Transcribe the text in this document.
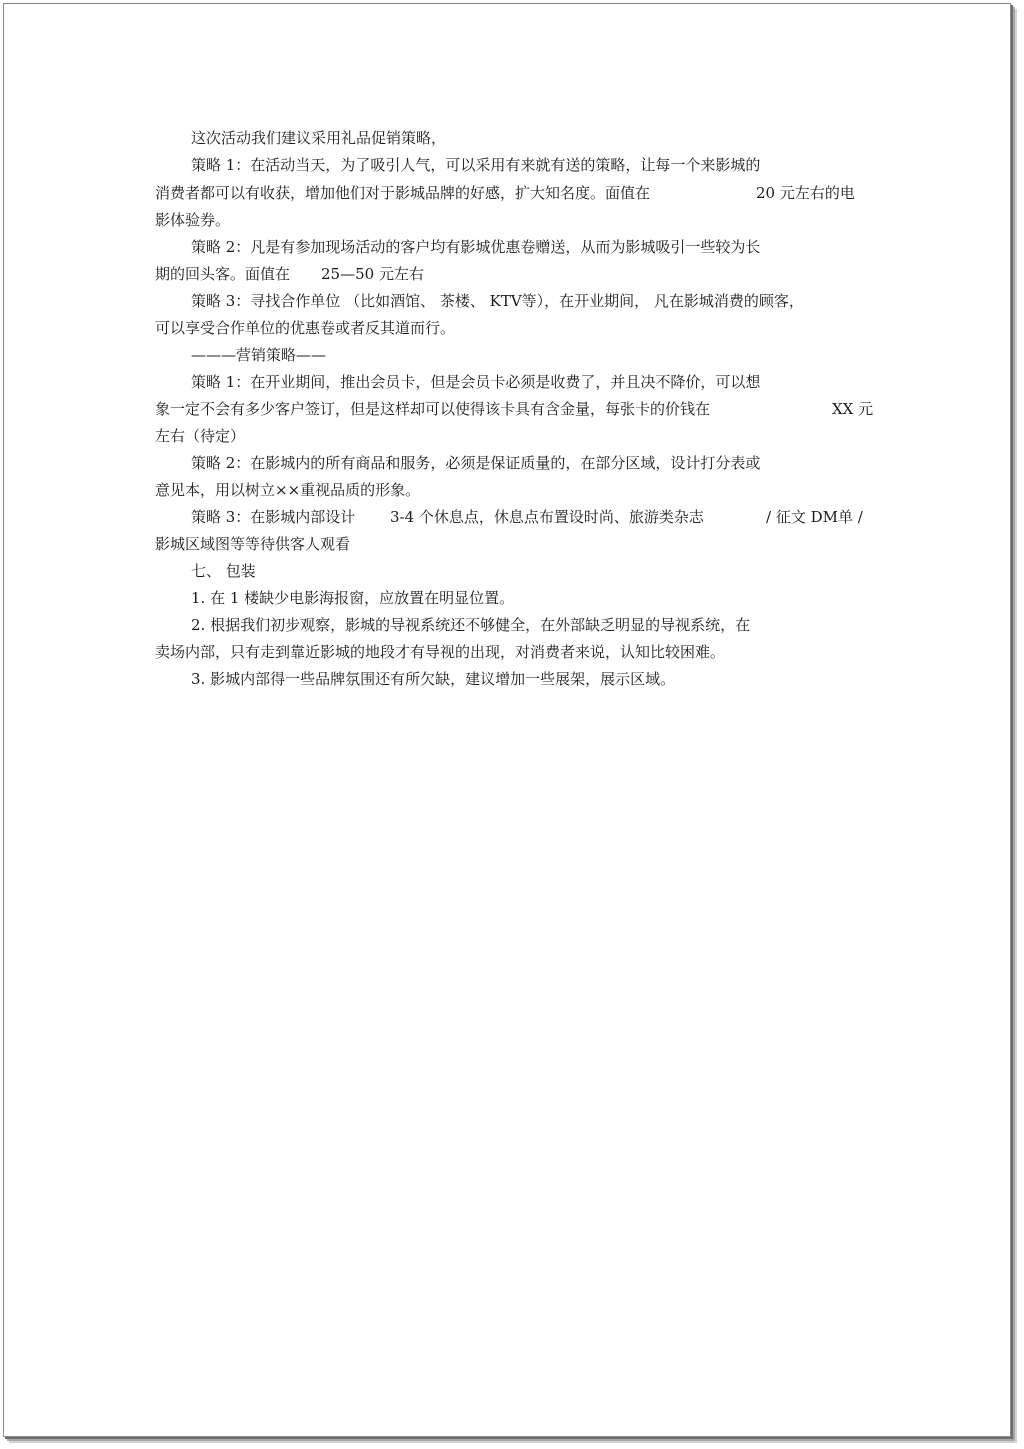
这次活动我们建议采用礼品促销策略，
策略 1：在活动当天，为了吸引人气，可以采用有来就有送的策略，让每一个来影城的
消费者都可以有收获，增加他们对于影城品牌的好感，扩大知名度。面值在	20 元左右的电
影体验券。
策略 2：凡是有参加现场活动的客户均有影城优惠卷赠送，从而为影城吸引一些较为长
期的回头客。面值在 25—50 元左右
策略 3：寻找合作单位 （比如酒馆、 茶楼、 KTV等），在开业期间， 凡在影城消费的顾客，
可以享受合作单位的优惠卷或者反其道而行。
———营销策略——
策略 1：在开业期间，推出会员卡，但是会员卡必须是收费了，并且决不降价，可以想
象一定不会有多少客户签订，但是这样却可以使得该卡具有含金量，每张卡的价钱在	XX 元
左右（待定）
策略 2：在影城内的所有商品和服务，必须是保证质量的，在部分区域，设计打分表或
意见本，用以树立××重视品质的形象。
策略 3：在影城内部设计 3-4 个休息点，休息点布置设时尚、旅游类杂志	/ 征文 DM单 /
影城区域图等等待供客人观看
七、 包装
1. 在 1 楼缺少电影海报窗，应放置在明显位置。
2. 根据我们初步观察，影城的导视系统还不够健全，在外部缺乏明显的导视系统，在
卖场内部，只有走到靠近影城的地段才有导视的出现，对消费者来说，认知比较困难。
3. 影城内部得一些品牌氛围还有所欠缺，建议增加一些展架，展示区域。
